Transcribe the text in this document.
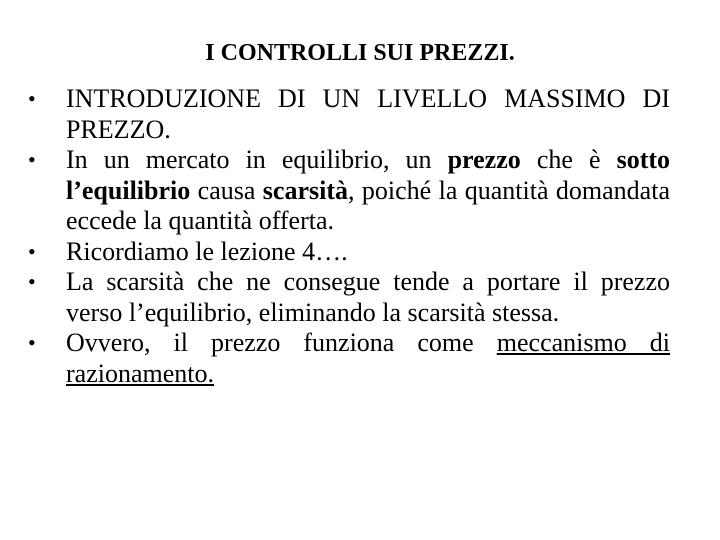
I CONTROLLI SUI PREZZI.
•	INTRODUZIONE DI UN LIVELLO MASSIMO DI PREZZO.
•	In un mercato in equilibrio, un prezzo che è sotto l’equilibrio causa scarsità, poiché la quantità domandata eccede la quantità offerta.
•	Ricordiamo le lezione 4….
•	La scarsità che ne consegue tende a portare il prezzo verso l’equilibrio, eliminando la scarsità stessa.
•	Ovvero, il prezzo funziona come meccanismo di razionamento.
